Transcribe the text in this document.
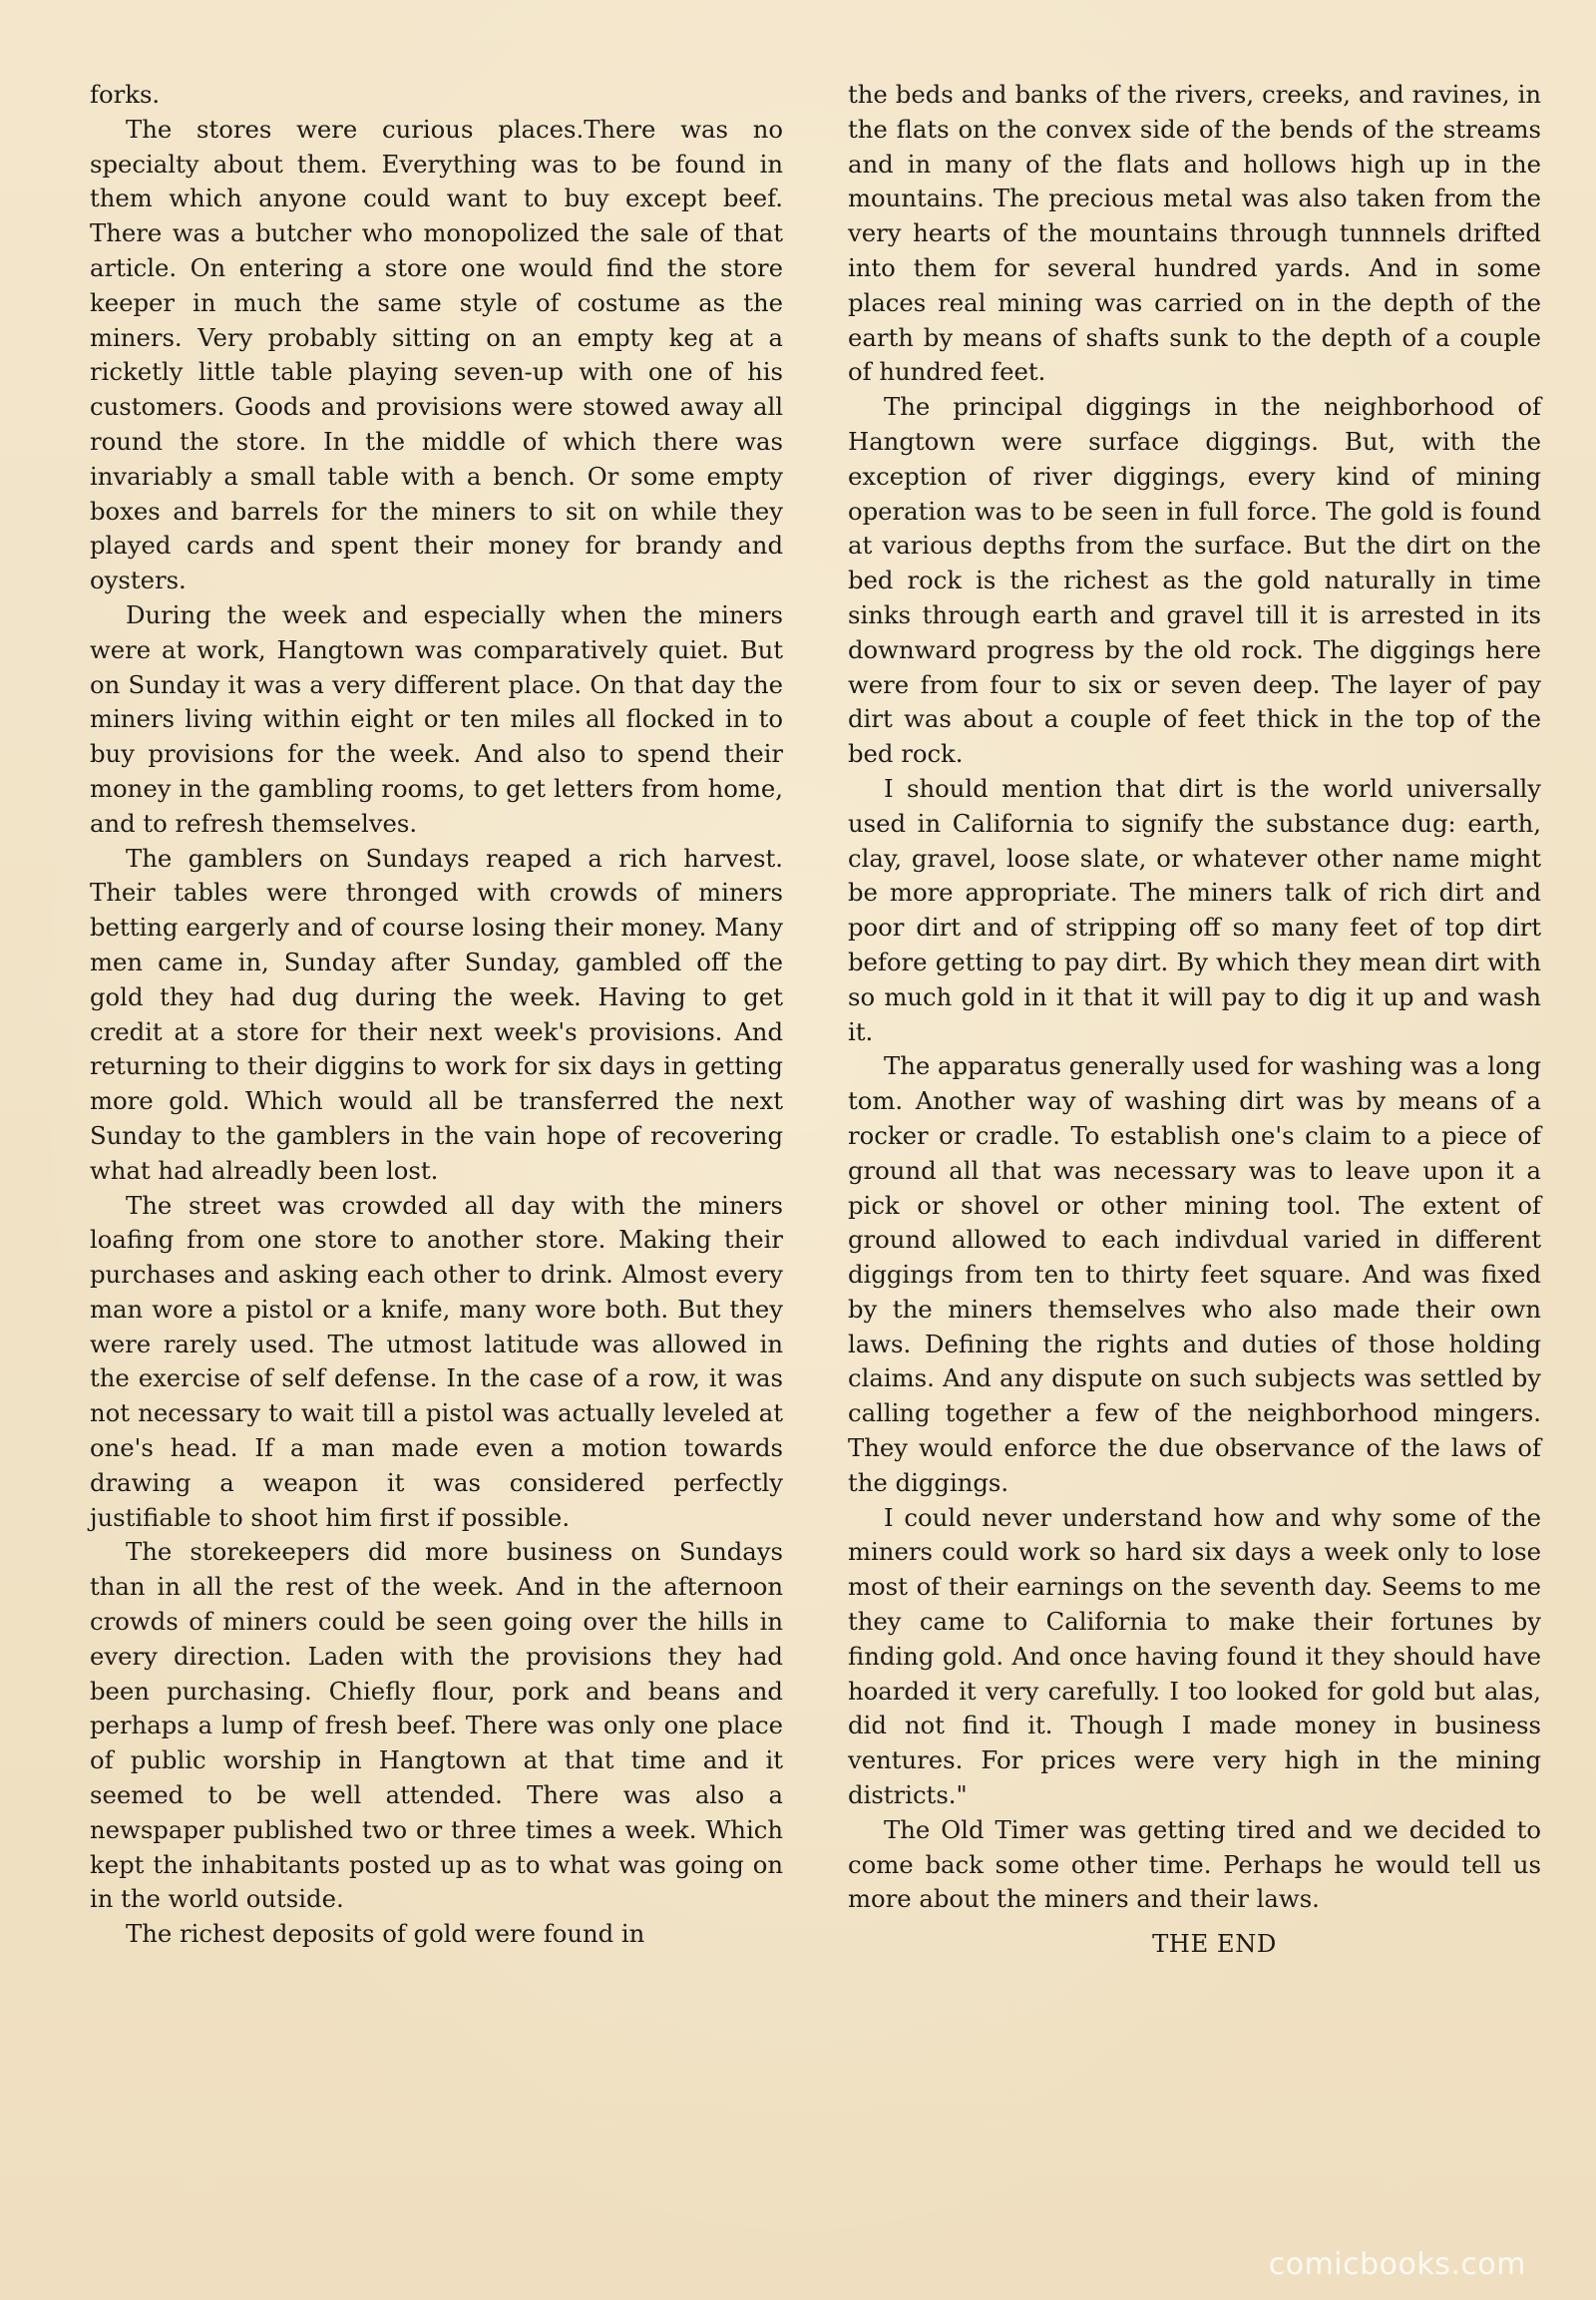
forks.

The stores were curious places.There was no specialty about them. Everything was to be found in them which anyone could want to buy except beef. There was a butcher who monopolized the sale of that article. On entering a store one would find the store keeper in much the same style of costume as the miners. Very probably sitting on an empty keg at a ricketly little table playing seven-up with one of his customers. Goods and provisions were stowed away all round the store. In the middle of which there was invariably a small table with a bench. Or some empty boxes and barrels for the miners to sit on while they played cards and spent their money for brandy and oysters.

During the week and especially when the miners were at work, Hangtown was comparatively quiet. But on Sunday it was a very different place. On that day the miners living within eight or ten miles all flocked in to buy provisions for the week. And also to spend their money in the gambling rooms, to get letters from home, and to refresh themselves.

The gamblers on Sundays reaped a rich harvest. Their tables were thronged with crowds of miners betting eargerly and of course losing their money. Many men came in, Sunday after Sunday, gambled off the gold they had dug during the week. Having to get credit at a store for their next week's provisions. And returning to their diggins to work for six days in getting more gold. Which would all be transferred the next Sunday to the gamblers in the vain hope of recovering what had alreadly been lost.

The street was crowded all day with the miners loafing from one store to another store. Making their purchases and asking each other to drink. Almost every man wore a pistol or a knife, many wore both. But they were rarely used. The utmost latitude was allowed in the exercise of self defense. In the case of a row, it was not necessary to wait till a pistol was actually leveled at one's head. If a man made even a motion towards drawing a weapon it was considered perfectly justifiable to shoot him first if possible.

The storekeepers did more business on Sundays than in all the rest of the week. And in the afternoon crowds of miners could be seen going over the hills in every direction. Laden with the provisions they had been purchasing. Chiefly flour, pork and beans and perhaps a lump of fresh beef. There was only one place of public worship in Hangtown at that time and it seemed to be well attended. There was also a newspaper published two or three times a week. Which kept the inhabitants posted up as to what was going on in the world outside.

The richest deposits of gold were found in

the beds and banks of the rivers, creeks, and ravines, in the flats on the convex side of the bends of the streams and in many of the flats and hollows high up in the mountains. The precious metal was also taken from the very hearts of the mountains through tunnnels drifted into them for several hundred yards. And in some places real mining was carried on in the depth of the earth by means of shafts sunk to the depth of a couple of hundred feet.

The principal diggings in the neighborhood of Hangtown were surface diggings. But, with the exception of river diggings, every kind of mining operation was to be seen in full force. The gold is found at various depths from the surface. But the dirt on the bed rock is the richest as the gold naturally in time sinks through earth and gravel till it is arrested in its downward progress by the old rock. The diggings here were from four to six or seven deep. The layer of pay dirt was about a couple of feet thick in the top of the bed rock.

I should mention that dirt is the world universally used in California to signify the substance dug: earth, clay, gravel, loose slate, or whatever other name might be more appropriate. The miners talk of rich dirt and poor dirt and of stripping off so many feet of top dirt before getting to pay dirt. By which they mean dirt with so much gold in it that it will pay to dig it up and wash it.

The apparatus generally used for washing was a long tom. Another way of washing dirt was by means of a rocker or cradle. To establish one's claim to a piece of ground all that was necessary was to leave upon it a pick or shovel or other mining tool. The extent of ground allowed to each indivdual varied in different diggings from ten to thirty feet square. And was fixed by the miners themselves who also made their own laws. Defining the rights and duties of those holding claims. And any dispute on such subjects was settled by calling together a few of the neighborhood mingers. They would enforce the due observance of the laws of the diggings.

I could never understand how and why some of the miners could work so hard six days a week only to lose most of their earnings on the seventh day. Seems to me they came to California to make their fortunes by finding gold. And once having found it they should have hoarded it very carefully. I too looked for gold but alas, did not find it. Though I made money in business ventures. For prices were very high in the mining districts."

The Old Timer was getting tired and we decided to come back some other time. Perhaps he would tell us more about the miners and their laws.

THE END
comicbooks.com
